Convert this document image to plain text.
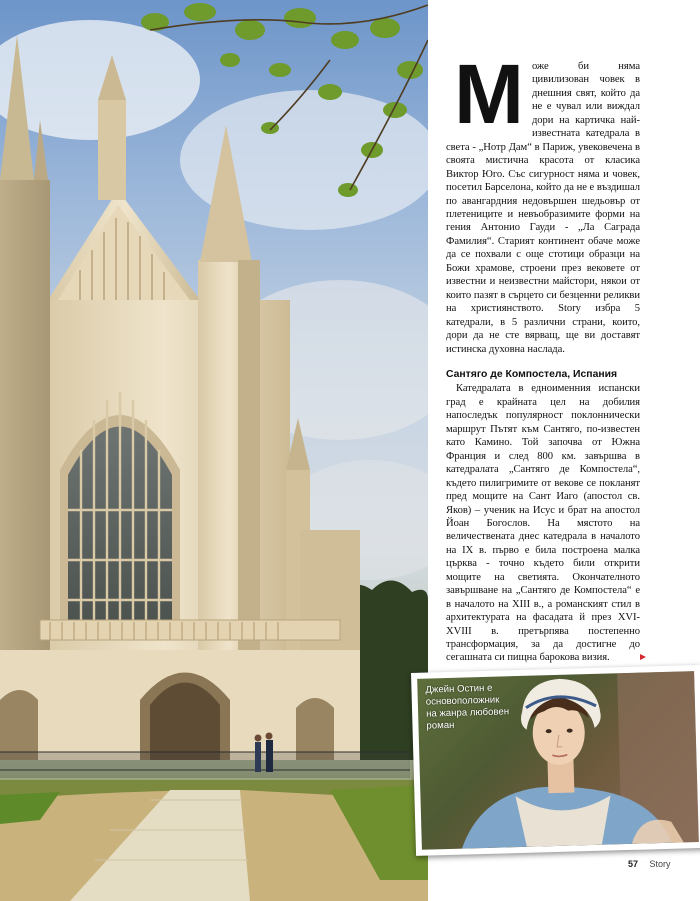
М оже би няма цивилизован човек в днешния свят, който да не е чувал или виждал дори на картичка най-известната катедрала в света - „Нотр Дам“ в Париж, увековечена в своята мистична красота от класика Виктор Юго. Със сигурност няма и човек, посетил Барселона, който да не е въздишал по авангардния недовършен шедьовър от плетениците и невъобразимите форми на гения Антонио Гауди - „Ла Саграда Фамилия“. Старият континент обаче може да се похвали с още стотици образци на Божи храмове, строени през вековете от известни и неизвестни майстори, някои от които пазят в сърцето си безценни реликви на християнството. Story избра 5 катедрали, в 5 различни страни, които, дори да не сте вярващ, ще ви доставят истинска духовна наслада.

Сантяго де Компостела, Испания

Катедралата в едноименния испански град е крайната цел на добилия напоследък популярност поклоннически маршрут Пътят към Сантяго, по-известен като Камино. Той започва от Южна Франция и след 800 км. завършва в катедралата „Сантяго де Компостела“, където пилигримите от векове се покланят пред мощите на Сант Иаго (апостол св. Яков) – ученик на Исус и брат на апостол Йоан Богослов. На мястото на величествената днес катедрала в началото на IX в. първо е била построена малка църква - точно където били открити мощите на светията. Окончателното завършване на „Сантяго де Компостела“ е в началото на XIII в., а романският стил в архитектурата на фасадата й през XVI-XVIII в. претърпява постепенно трансформация, за да достигне до сегашната си пищна барокова визия.

Джейн Остин е основоположник на жанра любовен роман
57 Story
